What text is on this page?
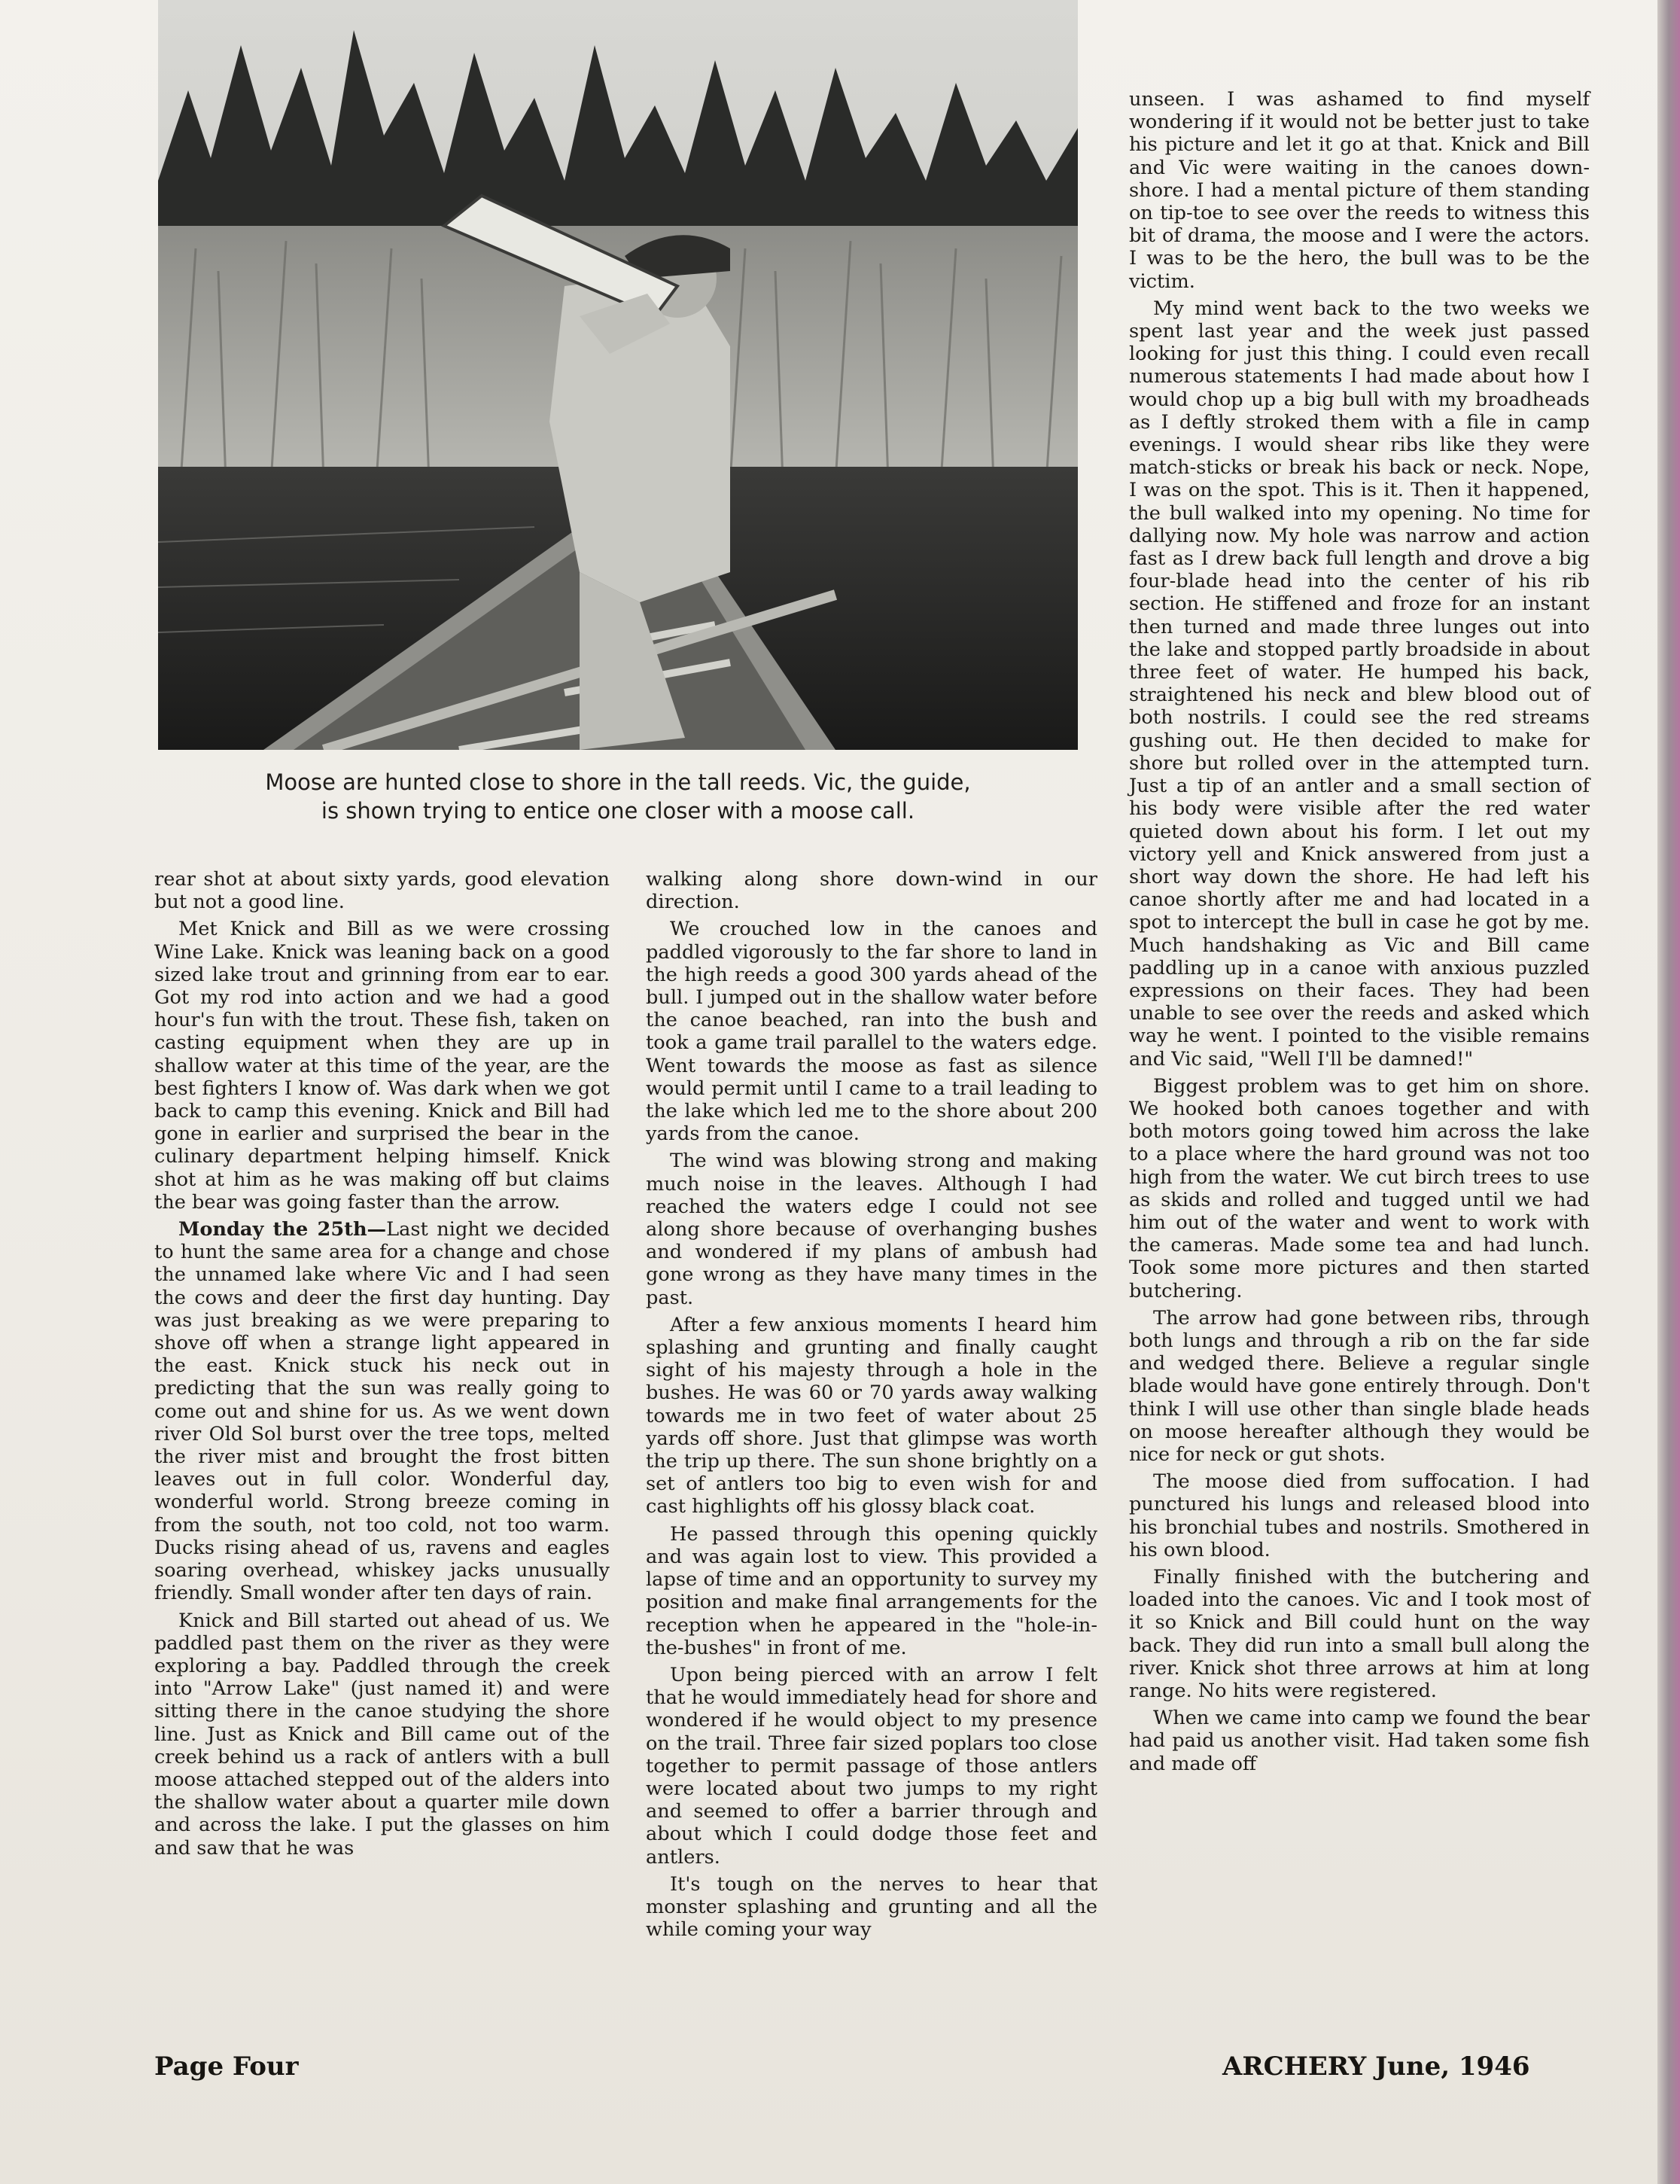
Moose are hunted close to shore in the tall reeds. Vic, the guide,

is shown trying to entice one closer with a moose call.

rear shot at about sixty yards, good elevation but not a good line.

Met Knick and Bill as we were crossing Wine Lake. Knick was leaning back on a good sized lake trout and grinning from ear to ear. Got my rod into action and we had a good hour's fun with the trout. These fish, taken on casting equipment when they are up in shallow water at this time of the year, are the best fighters I know of. Was dark when we got back to camp this evening. Knick and Bill had gone in earlier and surprised the bear in the culinary department helping himself. Knick shot at him as he was making off but claims the bear was going faster than the arrow.

Monday the 25th—Last night we decided to hunt the same area for a change and chose the unnamed lake where Vic and I had seen the cows and deer the first day hunting. Day was just breaking as we were preparing to shove off when a strange light appeared in the east. Knick stuck his neck out in predicting that the sun was really going to come out and shine for us. As we went down river Old Sol burst over the tree tops, melted the river mist and brought the frost bitten leaves out in full color. Wonderful day, wonderful world. Strong breeze coming in from the south, not too cold, not too warm. Ducks rising ahead of us, ravens and eagles soaring overhead, whiskey jacks unusually friendly. Small wonder after ten days of rain.

Knick and Bill started out ahead of us. We paddled past them on the river as they were exploring a bay. Paddled through the creek into "Arrow Lake" (just named it) and were sitting there in the canoe studying the shore line. Just as Knick and Bill came out of the creek behind us a rack of antlers with a bull moose attached stepped out of the alders into the shallow water about a quarter mile down and across the lake. I put the glasses on him and saw that he was

walking along shore down-wind in our direction.

We crouched low in the canoes and paddled vigorously to the far shore to land in the high reeds a good 300 yards ahead of the bull. I jumped out in the shallow water before the canoe beached, ran into the bush and took a game trail parallel to the waters edge. Went towards the moose as fast as silence would permit until I came to a trail leading to the lake which led me to the shore about 200 yards from the canoe.

The wind was blowing strong and making much noise in the leaves. Although I had reached the waters edge I could not see along shore because of overhanging bushes and wondered if my plans of ambush had gone wrong as they have many times in the past.

After a few anxious moments I heard him splashing and grunting and finally caught sight of his majesty through a hole in the bushes. He was 60 or 70 yards away walking towards me in two feet of water about 25 yards off shore. Just that glimpse was worth the trip up there. The sun shone brightly on a set of antlers too big to even wish for and cast highlights off his glossy black coat.

He passed through this opening quickly and was again lost to view. This provided a lapse of time and an opportunity to survey my position and make final arrangements for the reception when he appeared in the "hole-in-the-bushes" in front of me.

Upon being pierced with an arrow I felt that he would immediately head for shore and wondered if he would object to my presence on the trail. Three fair sized poplars too close together to permit passage of those antlers were located about two jumps to my right and seemed to offer a barrier through and about which I could dodge those feet and antlers.

It's tough on the nerves to hear that monster splashing and grunting and all the while coming your way

unseen. I was ashamed to find myself wondering if it would not be better just to take his picture and let it go at that. Knick and Bill and Vic were waiting in the canoes down-shore. I had a mental picture of them standing on tip-toe to see over the reeds to witness this bit of drama, the moose and I were the actors. I was to be the hero, the bull was to be the victim.

My mind went back to the two weeks we spent last year and the week just passed looking for just this thing. I could even recall numerous statements I had made about how I would chop up a big bull with my broadheads as I deftly stroked them with a file in camp evenings. I would shear ribs like they were match-sticks or break his back or neck. Nope, I was on the spot. This is it. Then it happened, the bull walked into my opening. No time for dallying now. My hole was narrow and action fast as I drew back full length and drove a big four-blade head into the center of his rib section. He stiffened and froze for an instant then turned and made three lunges out into the lake and stopped partly broadside in about three feet of water. He humped his back, straightened his neck and blew blood out of both nostrils. I could see the red streams gushing out. He then decided to make for shore but rolled over in the attempted turn. Just a tip of an antler and a small section of his body were visible after the red water quieted down about his form. I let out my victory yell and Knick answered from just a short way down the shore. He had left his canoe shortly after me and had located in a spot to intercept the bull in case he got by me. Much handshaking as Vic and Bill came paddling up in a canoe with anxious puzzled expressions on their faces. They had been unable to see over the reeds and asked which way he went. I pointed to the visible remains and Vic said, "Well I'll be damned!"

Biggest problem was to get him on shore. We hooked both canoes together and with both motors going towed him across the lake to a place where the hard ground was not too high from the water. We cut birch trees to use as skids and rolled and tugged until we had him out of the water and went to work with the cameras. Made some tea and had lunch. Took some more pictures and then started butchering.

The arrow had gone between ribs, through both lungs and through a rib on the far side and wedged there. Believe a regular single blade would have gone entirely through. Don't think I will use other than single blade heads on moose hereafter although they would be nice for neck or gut shots.

The moose died from suffocation. I had punctured his lungs and released blood into his bronchial tubes and nostrils. Smothered in his own blood.

Finally finished with the butchering and loaded into the canoes. Vic and I took most of it so Knick and Bill could hunt on the way back. They did run into a small bull along the river. Knick shot three arrows at him at long range. No hits were registered.

When we came into camp we found the bear had paid us another visit. Had taken some fish and made off

Page Four	ARCHERY June, 1946
